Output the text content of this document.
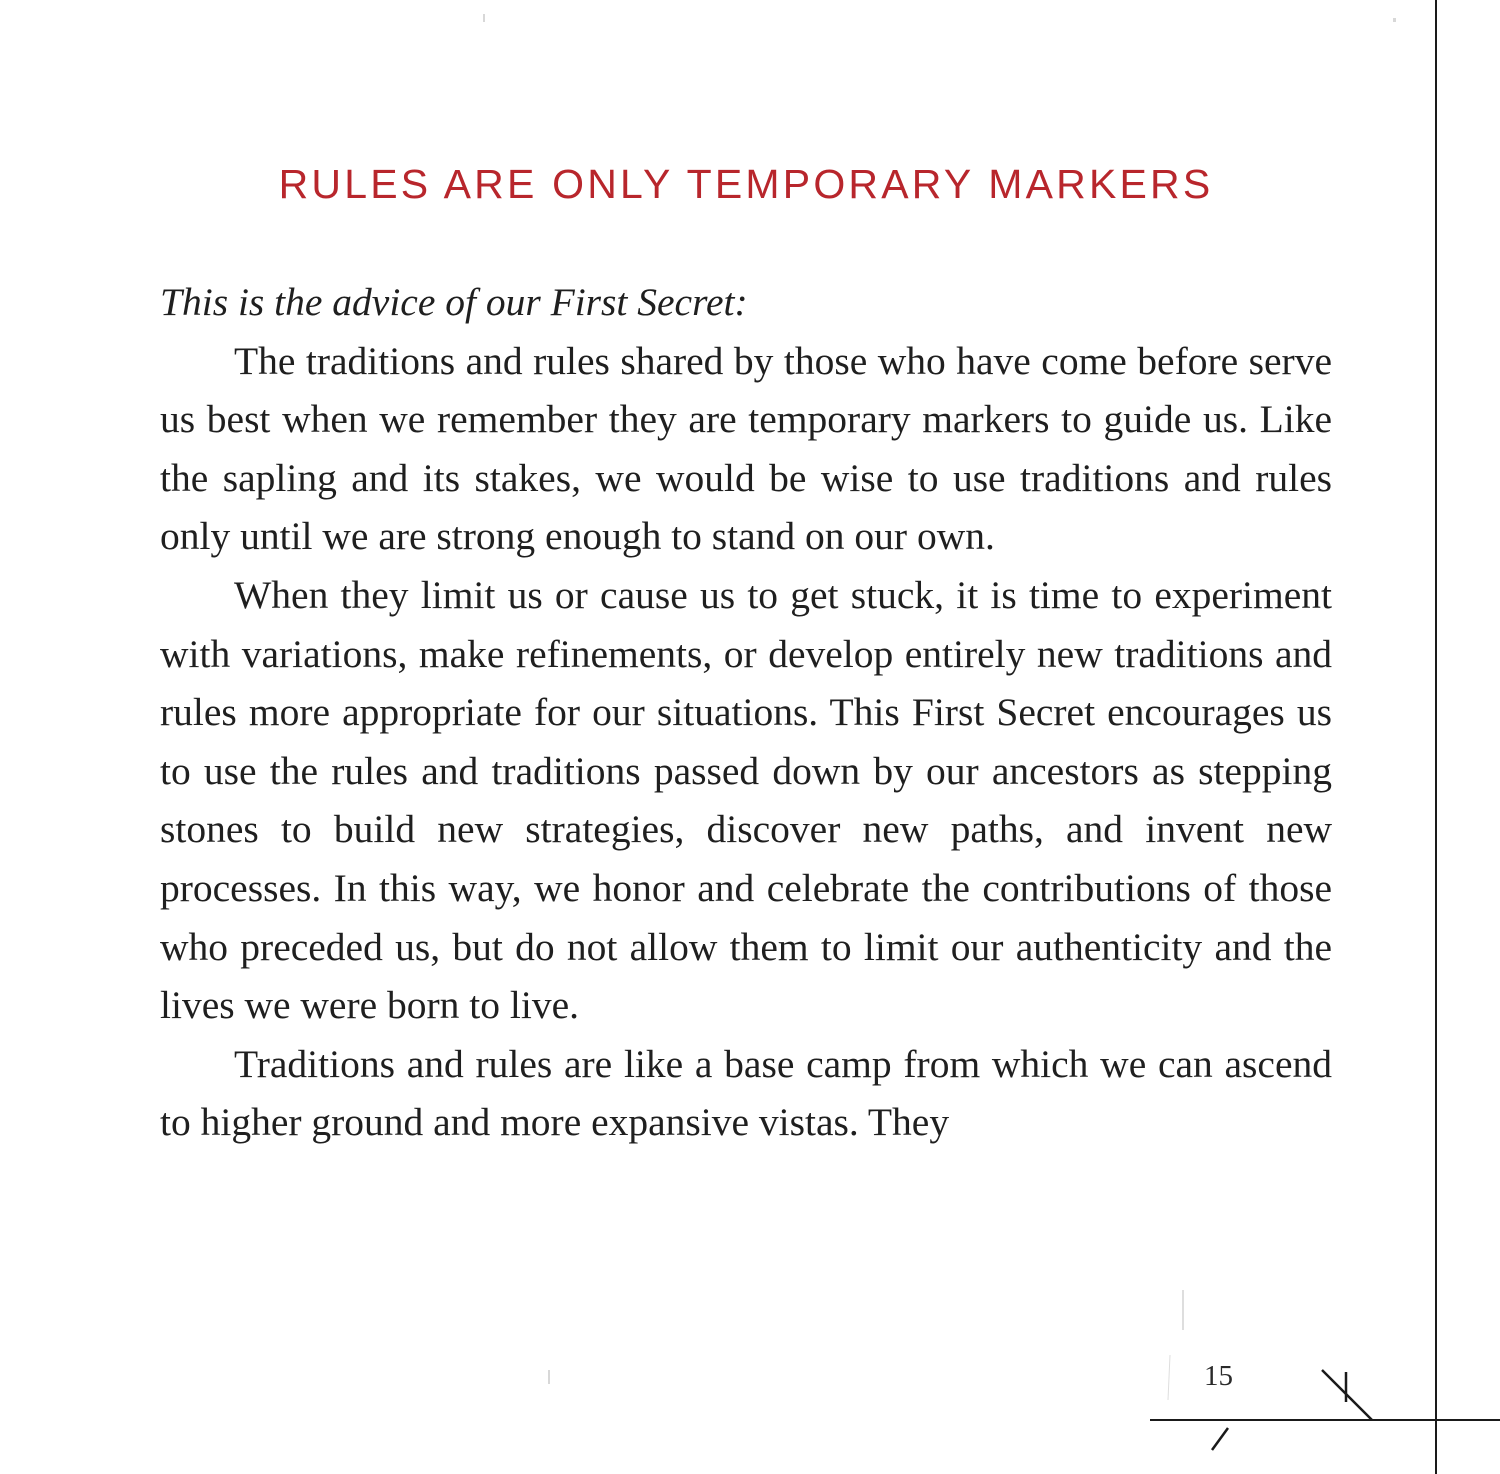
RULES ARE ONLY TEMPORARY MARKERS

This is the advice of our First Secret:

The traditions and rules shared by those who have come before serve us best when we remember they are temporary markers to guide us. Like the sapling and its stakes, we would be wise to use traditions and rules only until we are strong enough to stand on our own.

When they limit us or cause us to get stuck, it is time to experiment with variations, make refinements, or develop entirely new traditions and rules more appropriate for our situations. This First Secret encourages us to use the rules and traditions passed down by our ancestors as stepping stones to build new strategies, discover new paths, and invent new processes. In this way, we honor and celebrate the contributions of those who preceded us, but do not allow them to limit our authenticity and the lives we were born to live.

Traditions and rules are like a base camp from which we can ascend to higher ground and more expansive vistas. They

15
